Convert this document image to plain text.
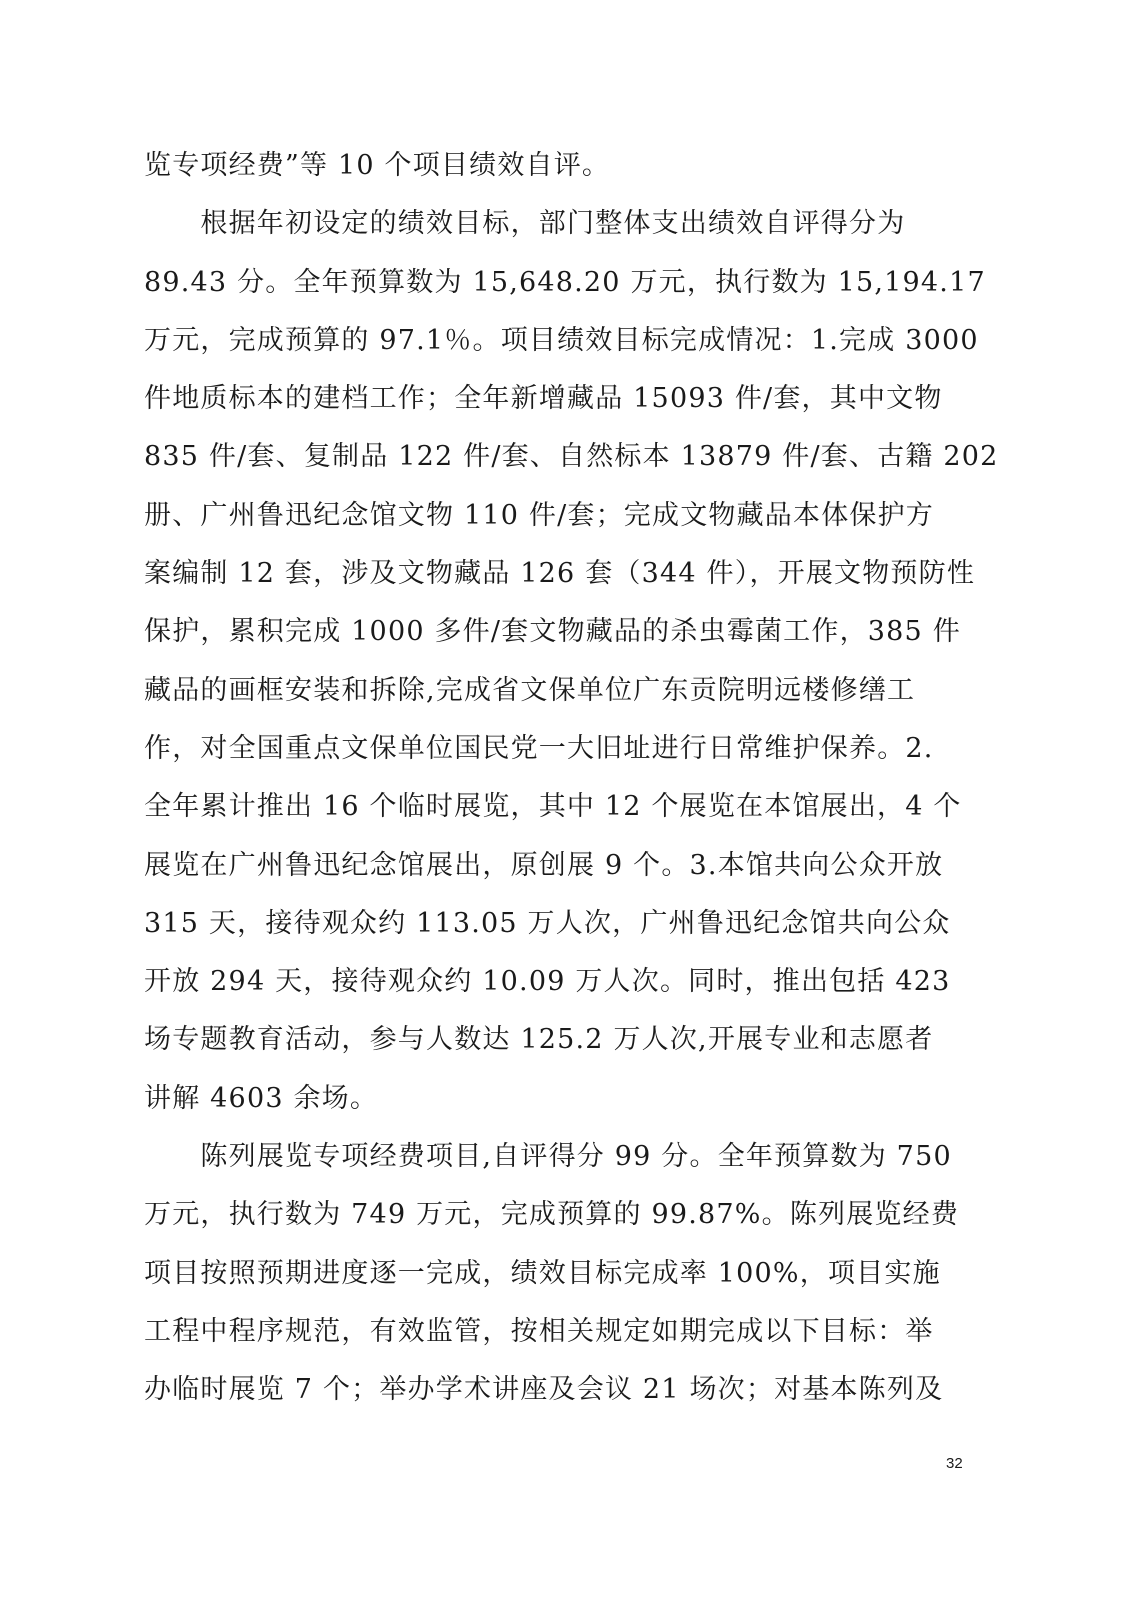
览专项经费”等 10 个项目绩效自评。
　　根据年初设定的绩效目标，部门整体支出绩效自评得分为
89.43 分。全年预算数为 15,648.20 万元，执行数为 15,194.17
万元，完成预算的 97.1％。项目绩效目标完成情况：1.完成 3000
件地质标本的建档工作；全年新增藏品 15093 件/套，其中文物
835 件/套、复制品 122 件/套、自然标本 13879 件/套、古籍 202
册、广州鲁迅纪念馆文物 110 件/套；完成文物藏品本体保护方
案编制 12 套，涉及文物藏品 126 套（344 件），开展文物预防性
保护，累积完成 1000 多件/套文物藏品的杀虫霉菌工作，385 件
藏品的画框安装和拆除,完成省文保单位广东贡院明远楼修缮工
作，对全国重点文保单位国民党一大旧址进行日常维护保养。2.
全年累计推出 16 个临时展览，其中 12 个展览在本馆展出，4 个
展览在广州鲁迅纪念馆展出，原创展 9 个。3.本馆共向公众开放
315 天，接待观众约 113.05 万人次，广州鲁迅纪念馆共向公众
开放 294 天，接待观众约 10.09 万人次。同时，推出包括 423
场专题教育活动，参与人数达 125.2 万人次,开展专业和志愿者
讲解 4603 余场。
　　陈列展览专项经费项目,自评得分 99 分。全年预算数为 750
万元，执行数为 749 万元，完成预算的 99.87%。陈列展览经费
项目按照预期进度逐一完成，绩效目标完成率 100%，项目实施
工程中程序规范，有效监管，按相关规定如期完成以下目标：举
办临时展览 7 个；举办学术讲座及会议 21 场次；对基本陈列及
32
